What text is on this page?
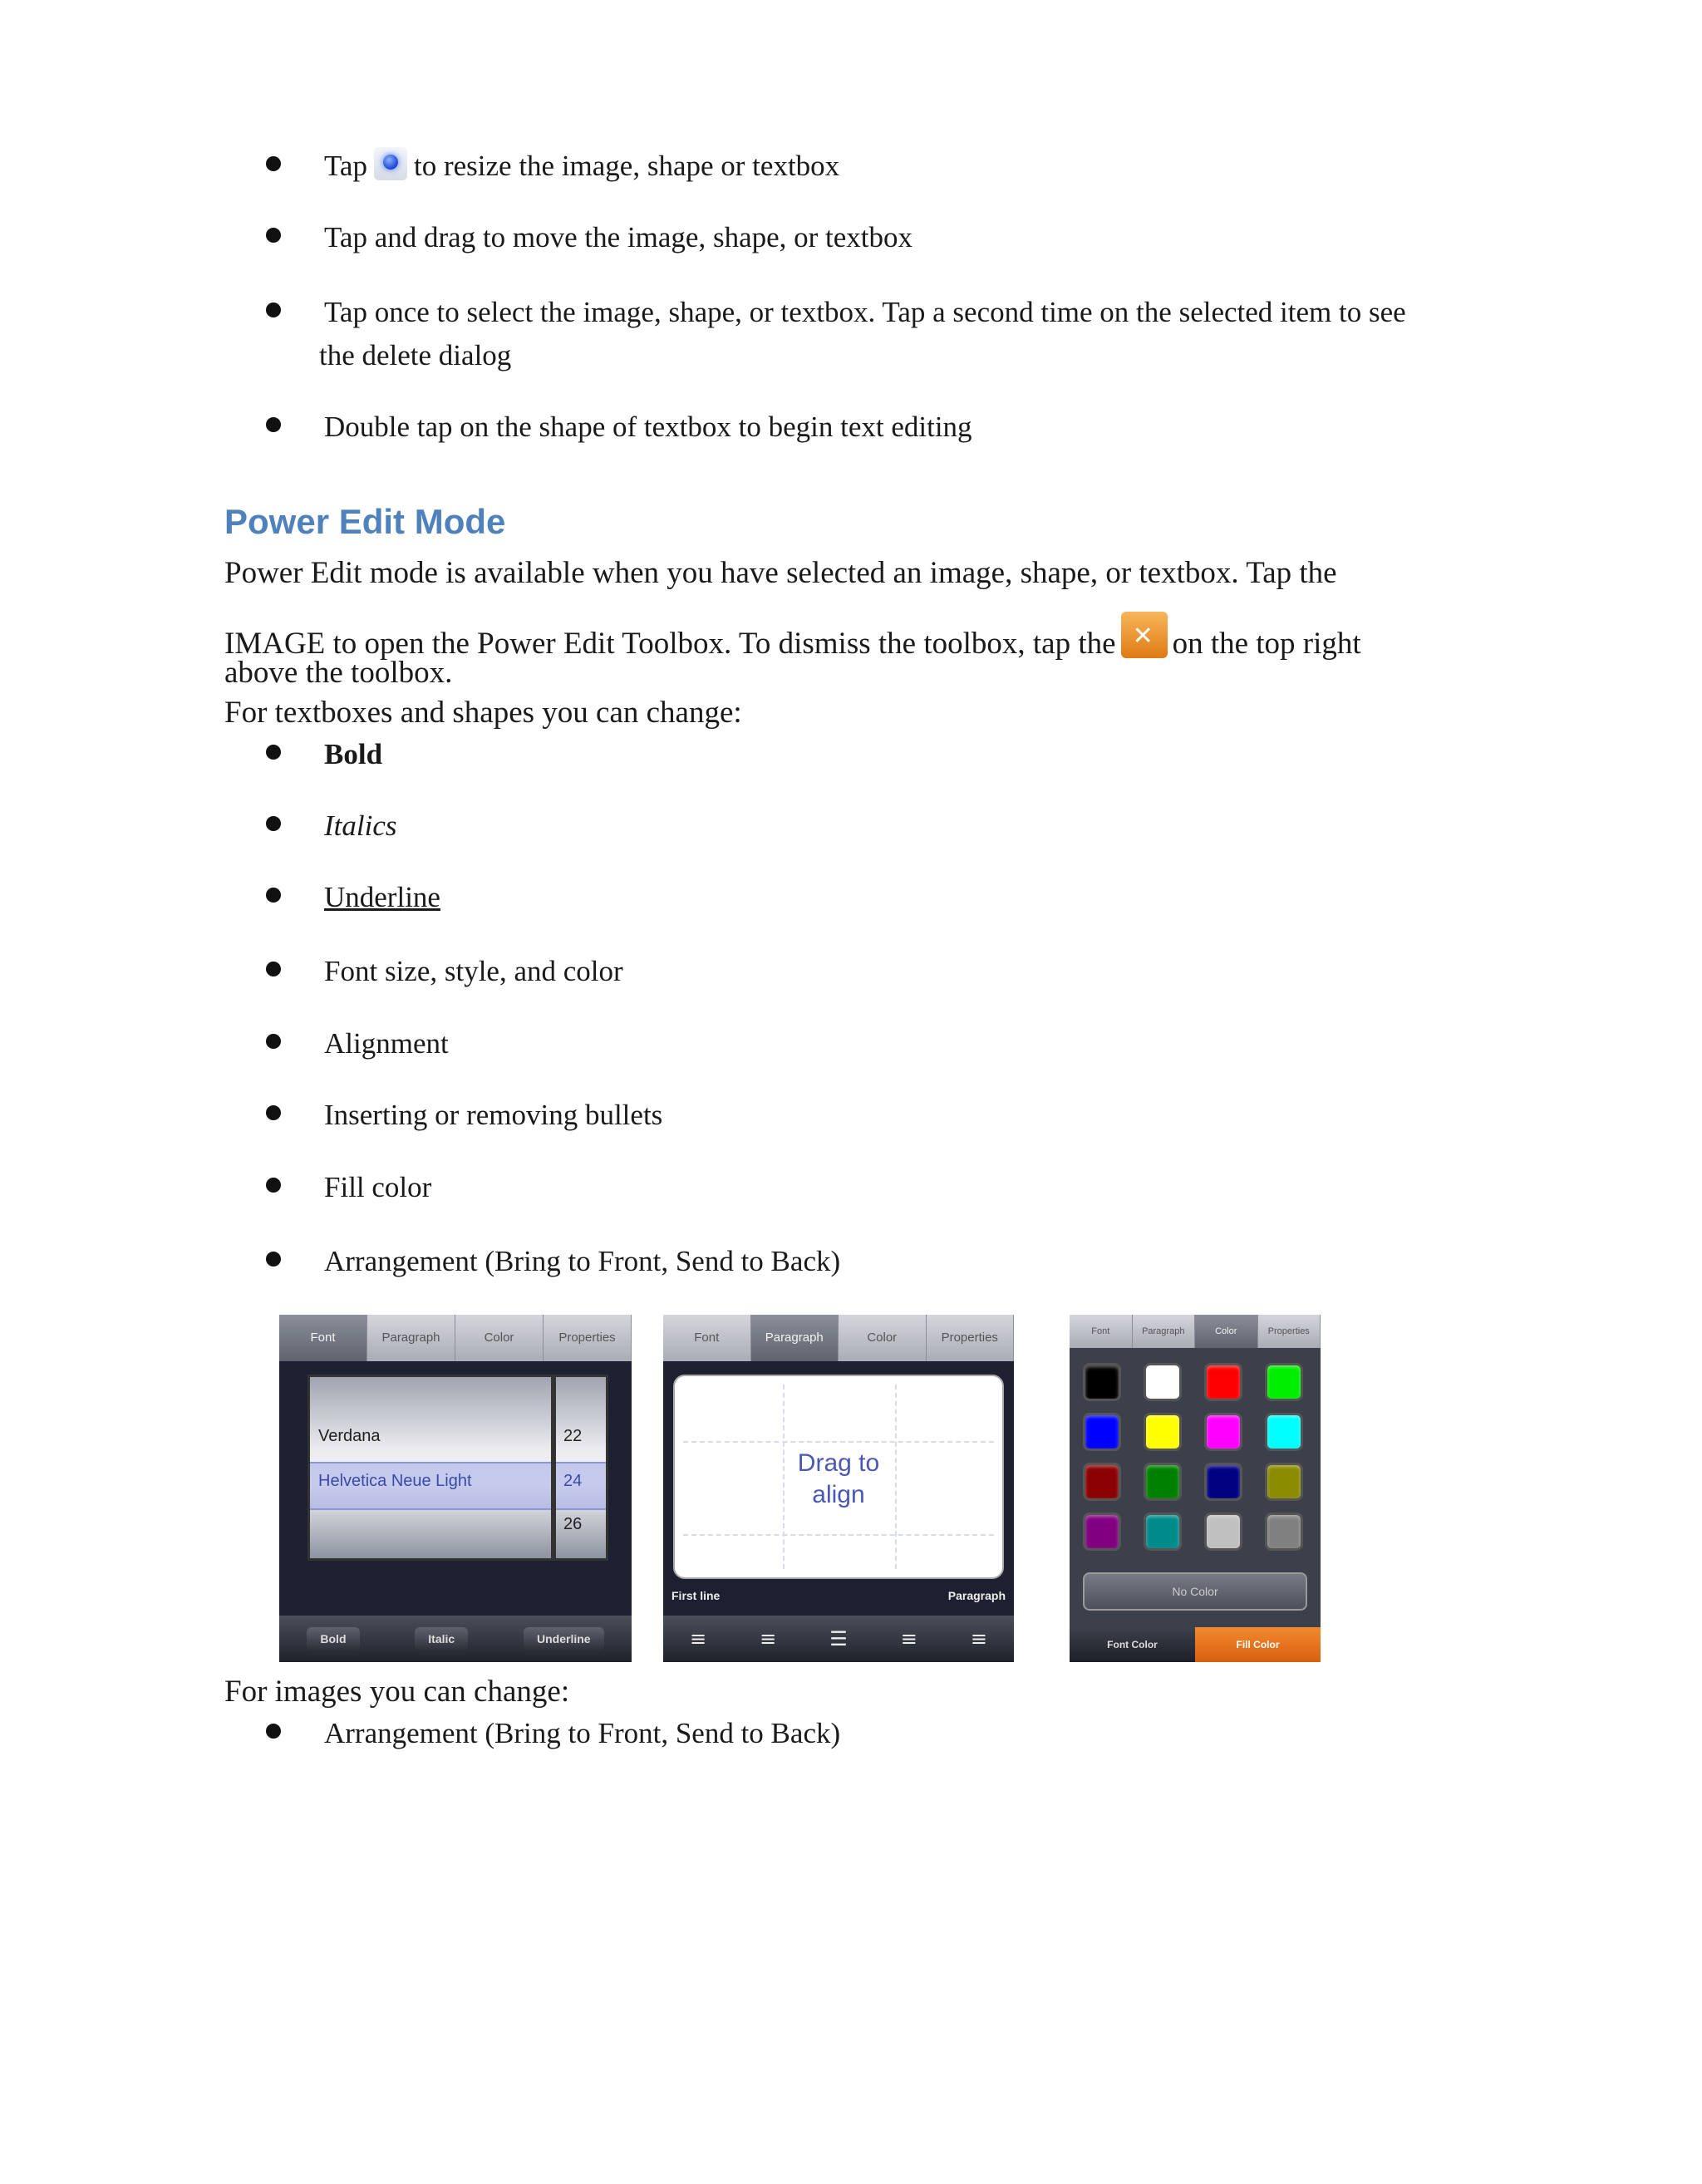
Tap to resize the image, shape or textbox
Tap and drag to move the image, shape, or textbox
Tap once to select the image, shape, or textbox. Tap a second time on the selected item to see
the delete dialog
Double tap on the shape of textbox to begin text editing
Power Edit Mode
Power Edit mode is available when you have selected an image, shape, or textbox. Tap the
IMAGE to open the Power Edit Toolbox. To dismiss the toolbox, tap the✕ on the top right
above the toolbox.
For textboxes and shapes you can change:
Bold
Italics
Underline
Font size, style, and color
Alignment
Inserting or removing bullets
Fill color
Arrangement (Bring to Front, Send to Back)
Font	Paragraph	Color	Properties
Verdana
Helvetica Neue Light
22
24
26
Bold	Italic	Underline
Font	Paragraph	Color	Properties
Drag to
align
First line	Paragraph
≡	≡	☰	≡	≡
Font	Paragraph	Color	Properties
No Color
Font Color	Fill Color
For images you can change:
Arrangement (Bring to Front, Send to Back)
